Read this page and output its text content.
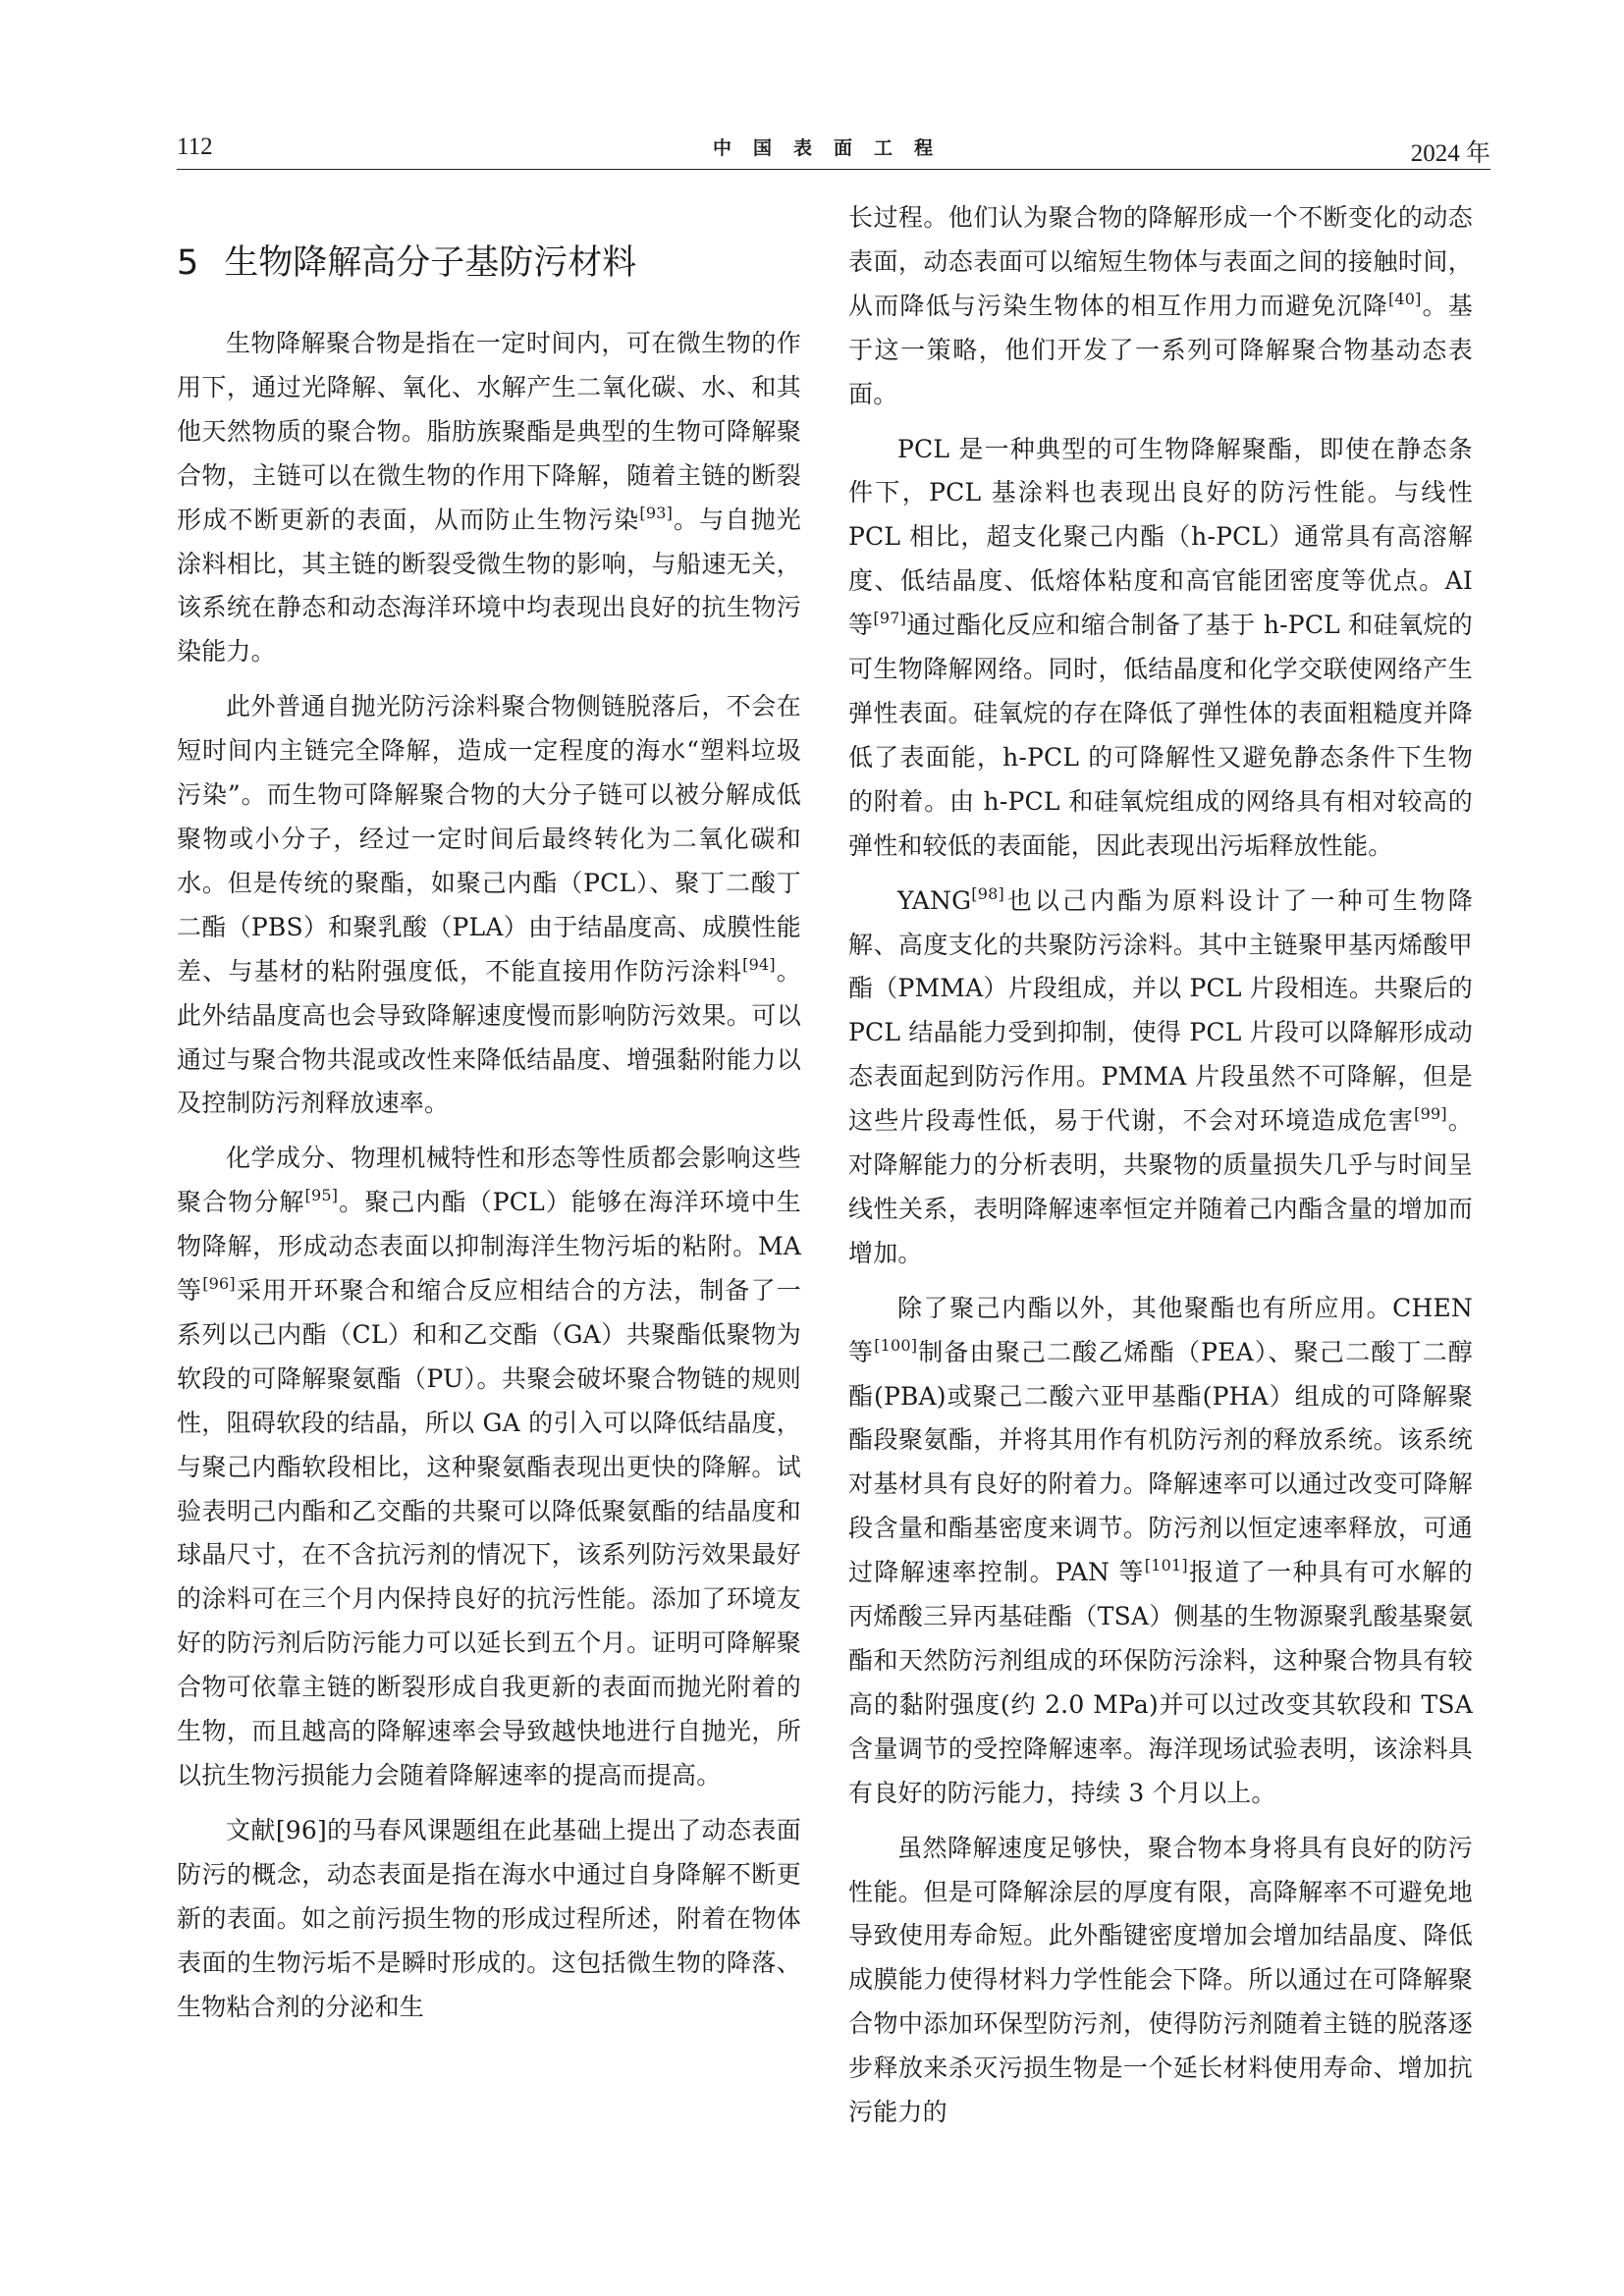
112	中国表面工程	2024 年
5 生物降解高分子基防污材料

生物降解聚合物是指在一定时间内，可在微生物的作用下，通过光降解、氧化、水解产生二氧化碳、水、和其他天然物质的聚合物。脂肪族聚酯是典型的生物可降解聚合物，主链可以在微生物的作用下降解，随着主链的断裂形成不断更新的表面，从而防止生物污染[93]。与自抛光涂料相比，其主链的断裂受微生物的影响，与船速无关，该系统在静态和动态海洋环境中均表现出良好的抗生物污染能力。

此外普通自抛光防污涂料聚合物侧链脱落后，不会在短时间内主链完全降解，造成一定程度的海水“塑料垃圾污染”。而生物可降解聚合物的大分子链可以被分解成低聚物或小分子，经过一定时间后最终转化为二氧化碳和水。但是传统的聚酯，如聚己内酯（PCL）、聚丁二酸丁二酯（PBS）和聚乳酸（PLA）由于结晶度高、成膜性能差、与基材的粘附强度低，不能直接用作防污涂料[94]。此外结晶度高也会导致降解速度慢而影响防污效果。可以通过与聚合物共混或改性来降低结晶度、增强黏附能力以及控制防污剂释放速率。

化学成分、物理机械特性和形态等性质都会影响这些聚合物分解[95]。聚己内酯（PCL）能够在海洋环境中生物降解，形成动态表面以抑制海洋生物污垢的粘附。MA 等[96]采用开环聚合和缩合反应相结合的方法，制备了一系列以己内酯（CL）和和乙交酯（GA）共聚酯低聚物为软段的可降解聚氨酯（PU）。共聚会破坏聚合物链的规则性，阻碍软段的结晶，所以 GA 的引入可以降低结晶度，与聚己内酯软段相比，这种聚氨酯表现出更快的降解。试验表明己内酯和乙交酯的共聚可以降低聚氨酯的结晶度和球晶尺寸，在不含抗污剂的情况下，该系列防污效果最好的涂料可在三个月内保持良好的抗污性能。添加了环境友好的防污剂后防污能力可以延长到五个月。证明可降解聚合物可依靠主链的断裂形成自我更新的表面而抛光附着的生物，而且越高的降解速率会导致越快地进行自抛光，所以抗生物污损能力会随着降解速率的提高而提高。

文献[96]的马春风课题组在此基础上提出了动态表面防污的概念，动态表面是指在海水中通过自身降解不断更新的表面。如之前污损生物的形成过程所述，附着在物体表面的生物污垢不是瞬时形成的。这包括微生物的降落、生物粘合剂的分泌和生

长过程。他们认为聚合物的降解形成一个不断变化的动态表面，动态表面可以缩短生物体与表面之间的接触时间，从而降低与污染生物体的相互作用力而避免沉降[40]。基于这一策略，他们开发了一系列可降解聚合物基动态表面。

PCL 是一种典型的可生物降解聚酯，即使在静态条件下，PCL 基涂料也表现出良好的防污性能。与线性 PCL 相比，超支化聚己内酯（h-PCL）通常具有高溶解度、低结晶度、低熔体粘度和高官能团密度等优点。AI 等[97]通过酯化反应和缩合制备了基于 h-PCL 和硅氧烷的可生物降解网络。同时，低结晶度和化学交联使网络产生弹性表面。硅氧烷的存在降低了弹性体的表面粗糙度并降低了表面能，h-PCL 的可降解性又避免静态条件下生物的附着。由 h-PCL 和硅氧烷组成的网络具有相对较高的弹性和较低的表面能，因此表现出污垢释放性能。

YANG[98]也以己内酯为原料设计了一种可生物降解、高度支化的共聚防污涂料。其中主链聚甲基丙烯酸甲酯（PMMA）片段组成，并以 PCL 片段相连。共聚后的 PCL 结晶能力受到抑制，使得 PCL 片段可以降解形成动态表面起到防污作用。PMMA 片段虽然不可降解，但是这些片段毒性低，易于代谢，不会对环境造成危害[99]。对降解能力的分析表明，共聚物的质量损失几乎与时间呈线性关系，表明降解速率恒定并随着己内酯含量的增加而增加。

除了聚己内酯以外，其他聚酯也有所应用。CHEN 等[100]制备由聚己二酸乙烯酯（PEA）、聚己二酸丁二醇酯(PBA)或聚己二酸六亚甲基酯(PHA）组成的可降解聚酯段聚氨酯，并将其用作有机防污剂的释放系统。该系统对基材具有良好的附着力。降解速率可以通过改变可降解段含量和酯基密度来调节。防污剂以恒定速率释放，可通过降解速率控制。PAN 等[101]报道了一种具有可水解的丙烯酸三异丙基硅酯（TSA）侧基的生物源聚乳酸基聚氨酯和天然防污剂组成的环保防污涂料，这种聚合物具有较高的黏附强度(约 2.0 MPa)并可以过改变其软段和 TSA 含量调节的受控降解速率。海洋现场试验表明，该涂料具有良好的防污能力，持续 3 个月以上。

虽然降解速度足够快，聚合物本身将具有良好的防污性能。但是可降解涂层的厚度有限，高降解率不可避免地导致使用寿命短。此外酯键密度增加会增加结晶度、降低成膜能力使得材料力学性能会下降。所以通过在可降解聚合物中添加环保型防污剂，使得防污剂随着主链的脱落逐步释放来杀灭污损生物是一个延长材料使用寿命、增加抗污能力的
